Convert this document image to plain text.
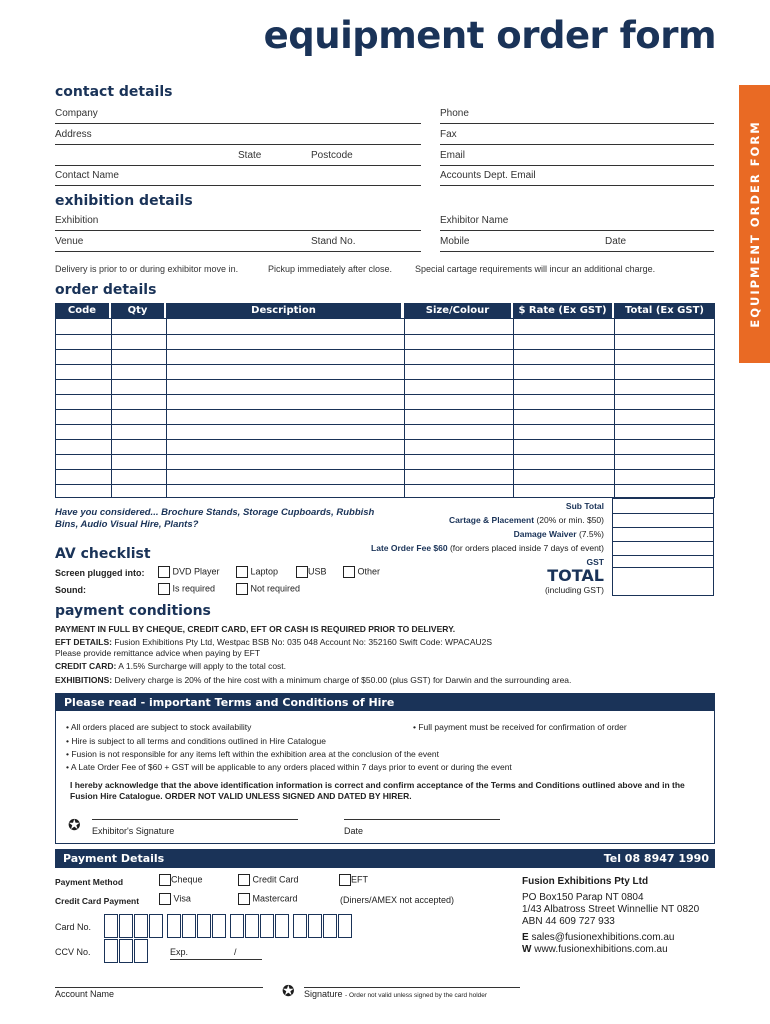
equipment order form
EQUIPMENT ORDER FORM
contact details
Company	Phone
Address	Fax
State	Postcode	Email
Contact Name	Accounts Dept. Email
exhibition details
Exhibition	Exhibitor Name
Venue	Stand No.	Mobile	Date
Delivery is prior to or during exhibitor move in.	Pickup immediately after close.	Special cartage requirements will incur an additional charge.
order details
Code	Qty	Description	Size/Colour	$ Rate (Ex GST)	Total (Ex GST)
Have you considered... Brochure Stands, Storage Cupboards, Rubbish Bins, Audio Visual Hire, Plants?
Sub Total
Cartage & Placement (20% or min. $50)
Damage Waiver (7.5%)
Late Order Fee $60 (for orders placed inside 7 days of event)
GST
TOTAL
(including GST)
AV checklist
Screen plugged into:	DVD Player	Laptop	USB	Other
Sound:	Is required	Not required
payment conditions
PAYMENT IN FULL BY CHEQUE, CREDIT CARD, EFT OR CASH IS REQUIRED PRIOR TO DELIVERY.
EFT DETAILS: Fusion Exhibitions Pty Ltd, Westpac BSB No: 035 048 Account No: 352160 Swift Code: WPACAU2S
Please provide remittance advice when paying by EFT
CREDIT CARD: A 1.5% Surcharge will apply to the total cost.
EXHIBITIONS: Delivery charge is 20% of the hire cost with a minimum charge of $50.00 (plus GST) for Darwin and the surrounding area.
Please read - important Terms and Conditions of Hire
• All orders placed are subject to stock availability	• Full payment must be received for confirmation of order
• Hire is subject to all terms and conditions outlined in Hire Catalogue
• Fusion is not responsible for any items left within the exhibition area at the conclusion of the event
• A Late Order Fee of $60 + GST will be applicable to any orders placed within 7 days prior to event or during the event
I hereby acknowledge that the above identification information is correct and confirm acceptance of the Terms and Conditions outlined above and in the Fusion Hire Catalogue. ORDER NOT VALID UNLESS SIGNED AND DATED BY HIRER.
✪ Exhibitor's Signature	Date
Payment Details	Tel 08 8947 1990
Payment Method	Cheque	Credit Card	EFT
Credit Card Payment	Visa	Mastercard	(Diners/AMEX not accepted)
Card No.
CCV No.	Exp.	/
Account Name	✪ Signature - Order not valid unless signed by the card holder
Fusion Exhibitions Pty Ltd
PO Box150 Parap NT 0804
1/43 Albatross Street Winnellie NT 0820
ABN 44 609 727 933
E sales@fusionexhibitions.com.au
W www.fusionexhibitions.com.au
